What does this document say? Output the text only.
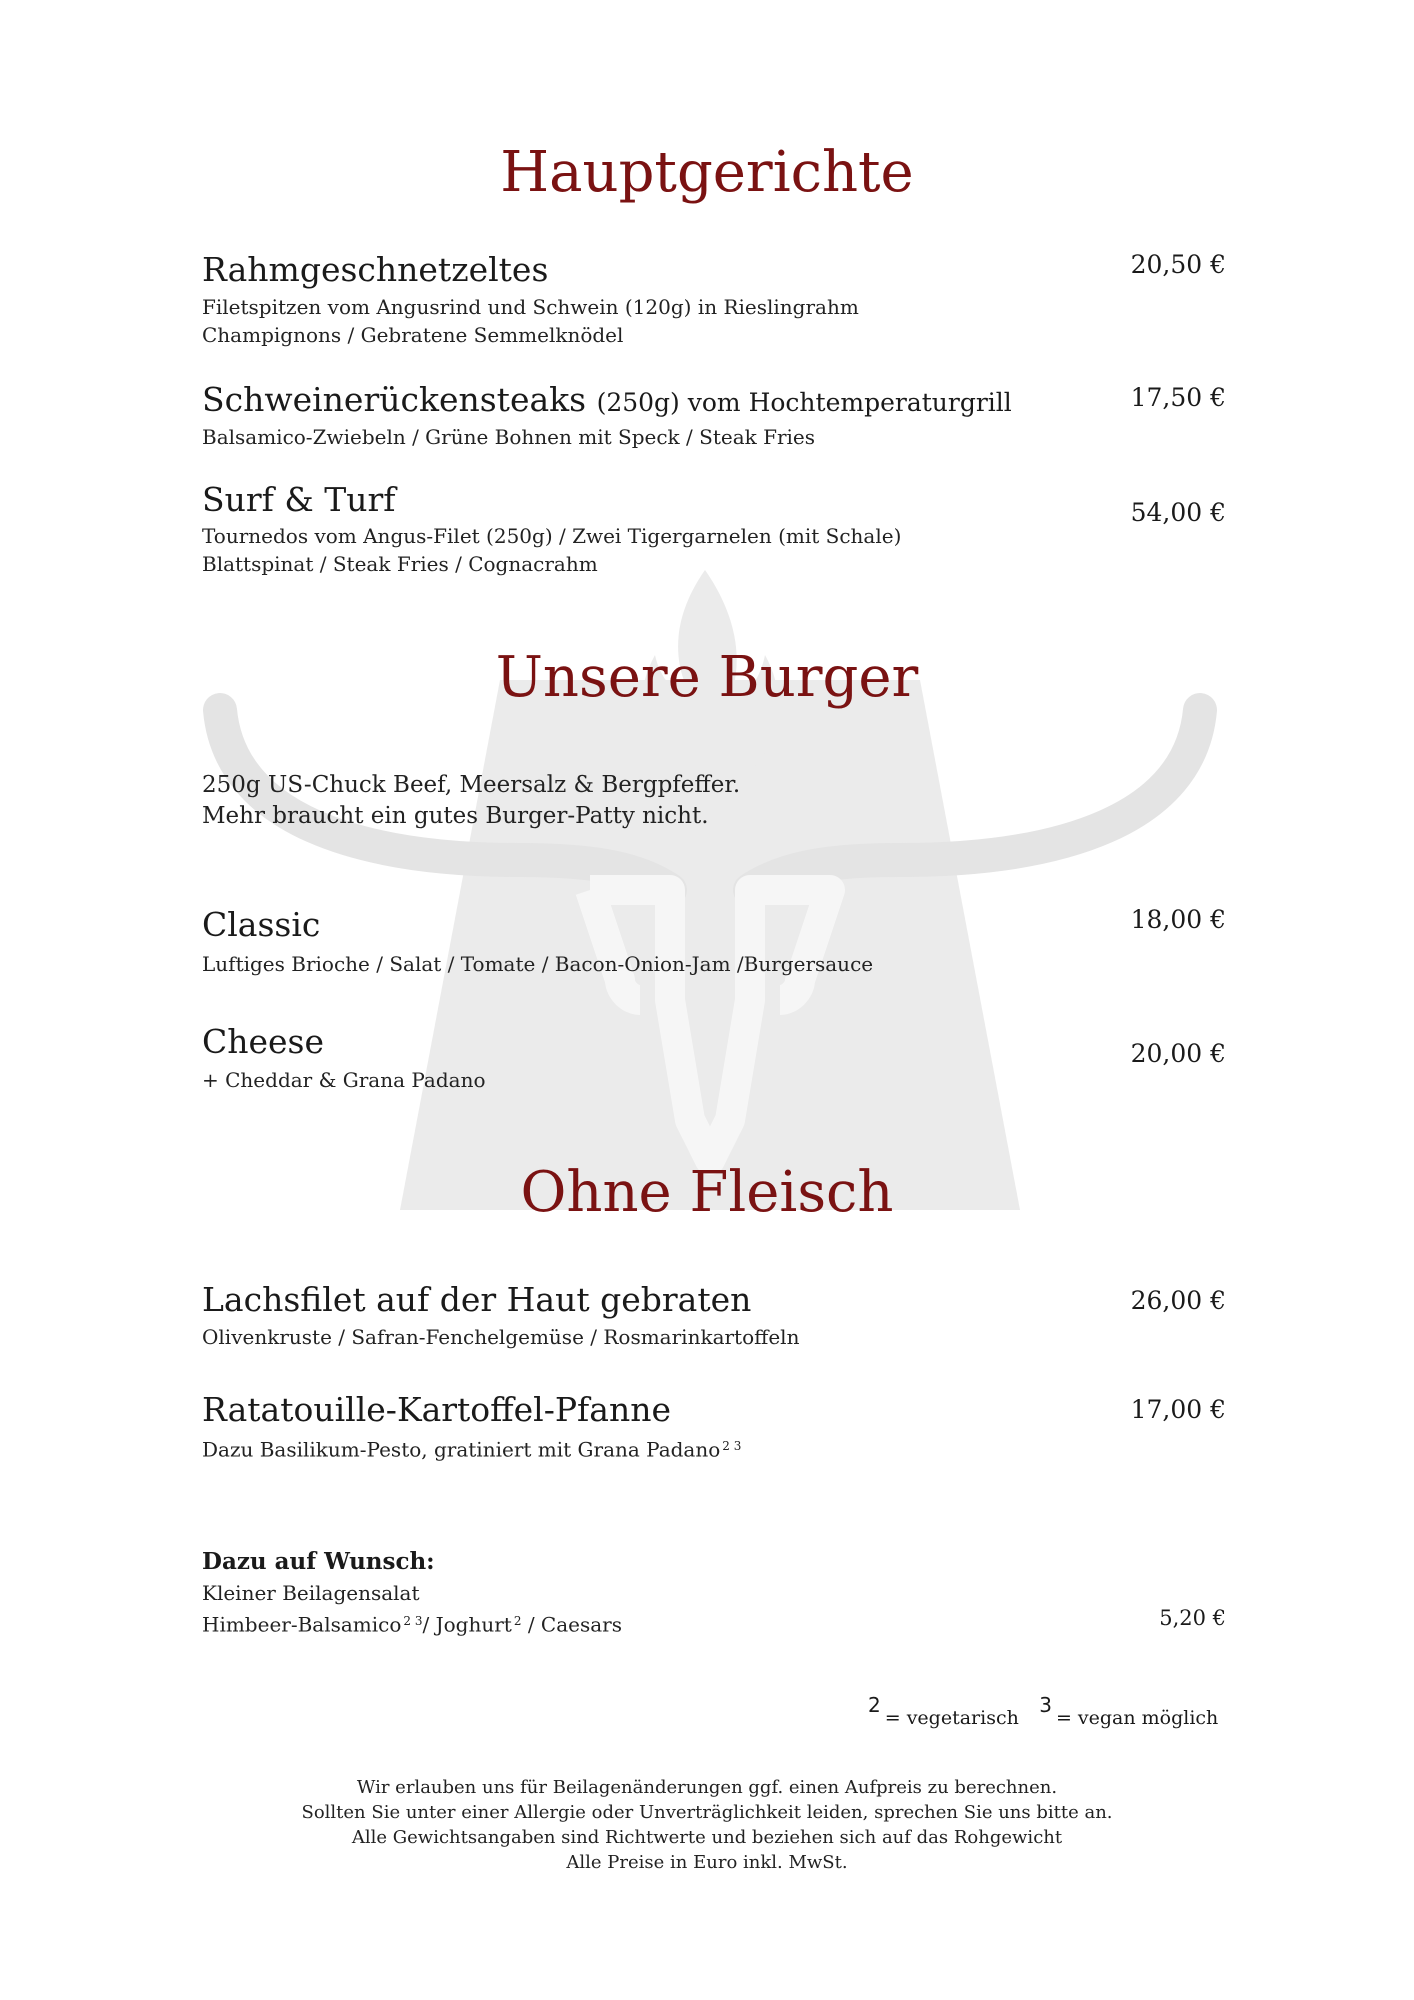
Hauptgerichte
Rahmgeschnetzeltes	20,50 €
Filetspitzen vom Angusrind und Schwein (120g) in Rieslingrahm
Champignons / Gebratene Semmelknödel
Schweinerückensteaks (250g) vom Hochtemperaturgrill	17,50 €
Balsamico-Zwiebeln / Grüne Bohnen mit Speck / Steak Fries
Surf & Turf	54,00 €
Tournedos vom Angus-Filet (250g) / Zwei Tigergarnelen (mit Schale)
Blattspinat / Steak Fries / Cognacrahm
Unsere Burger
250g US-Chuck Beef, Meersalz & Bergpfeffer.
Mehr braucht ein gutes Burger-Patty nicht.
Classic	18,00 €
Luftiges Brioche / Salat / Tomate / Bacon-Onion-Jam /Burgersauce
Cheese	20,00 €
+ Cheddar & Grana Padano
Ohne Fleisch
Lachsfilet auf der Haut gebraten	26,00 €
Olivenkruste / Safran-Fenchelgemüse / Rosmarinkartoffeln
Ratatouille-Kartoffel-Pfanne	17,00 €
Dazu Basilikum-Pesto, gratiniert mit Grana Padano $^{2 3}$
Dazu auf Wunsch:
Kleiner Beilagensalat
Himbeer-Balsamico $^{2 3}$/ Joghurt $^2$ / Caesars	5,20 €
2= vegetarisch 3= vegan möglich
Wir erlauben uns für Beilagenänderungen ggf. einen Aufpreis zu berechnen.
Sollten Sie unter einer Allergie oder Unverträglichkeit leiden, sprechen Sie uns bitte an.
Alle Gewichtsangaben sind Richtwerte und beziehen sich auf das Rohgewicht
Alle Preise in Euro inkl. MwSt.
